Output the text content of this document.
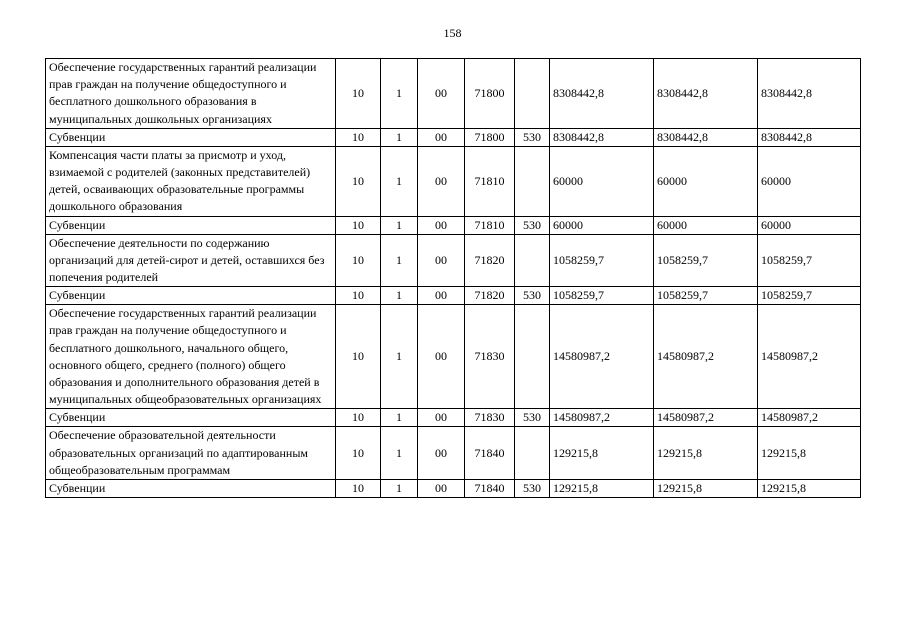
158
Обеспечение государственных гарантий реализации прав граждан на получение общедоступного и бесплатного дошкольного образования в муниципальных дошкольных организациях	10	1	00	71800		8308442,8	8308442,8	8308442,8
Субвенции	10	1	00	71800	530	8308442,8	8308442,8	8308442,8
Компенсация части платы за присмотр и уход, взимаемой с родителей (законных представителей) детей, осваивающих образовательные программы дошкольного образования	10	1	00	71810		60000	60000	60000
Субвенции	10	1	00	71810	530	60000	60000	60000
Обеспечение деятельности по содержанию организаций для детей-сирот и детей, оставшихся без попечения родителей	10	1	00	71820		1058259,7	1058259,7	1058259,7
Субвенции	10	1	00	71820	530	1058259,7	1058259,7	1058259,7
Обеспечение государственных гарантий реализации прав граждан на получение общедоступного и бесплатного дошкольного, начального общего, основного общего, среднего (полного) общего образования и дополнительного образования детей в муниципальных общеобразовательных организациях	10	1	00	71830		14580987,2	14580987,2	14580987,2
Субвенции	10	1	00	71830	530	14580987,2	14580987,2	14580987,2
Обеспечение образовательной деятельности образовательных организаций по адаптированным общеобразовательным программам	10	1	00	71840		129215,8	129215,8	129215,8
Субвенции	10	1	00	71840	530	129215,8	129215,8	129215,8
